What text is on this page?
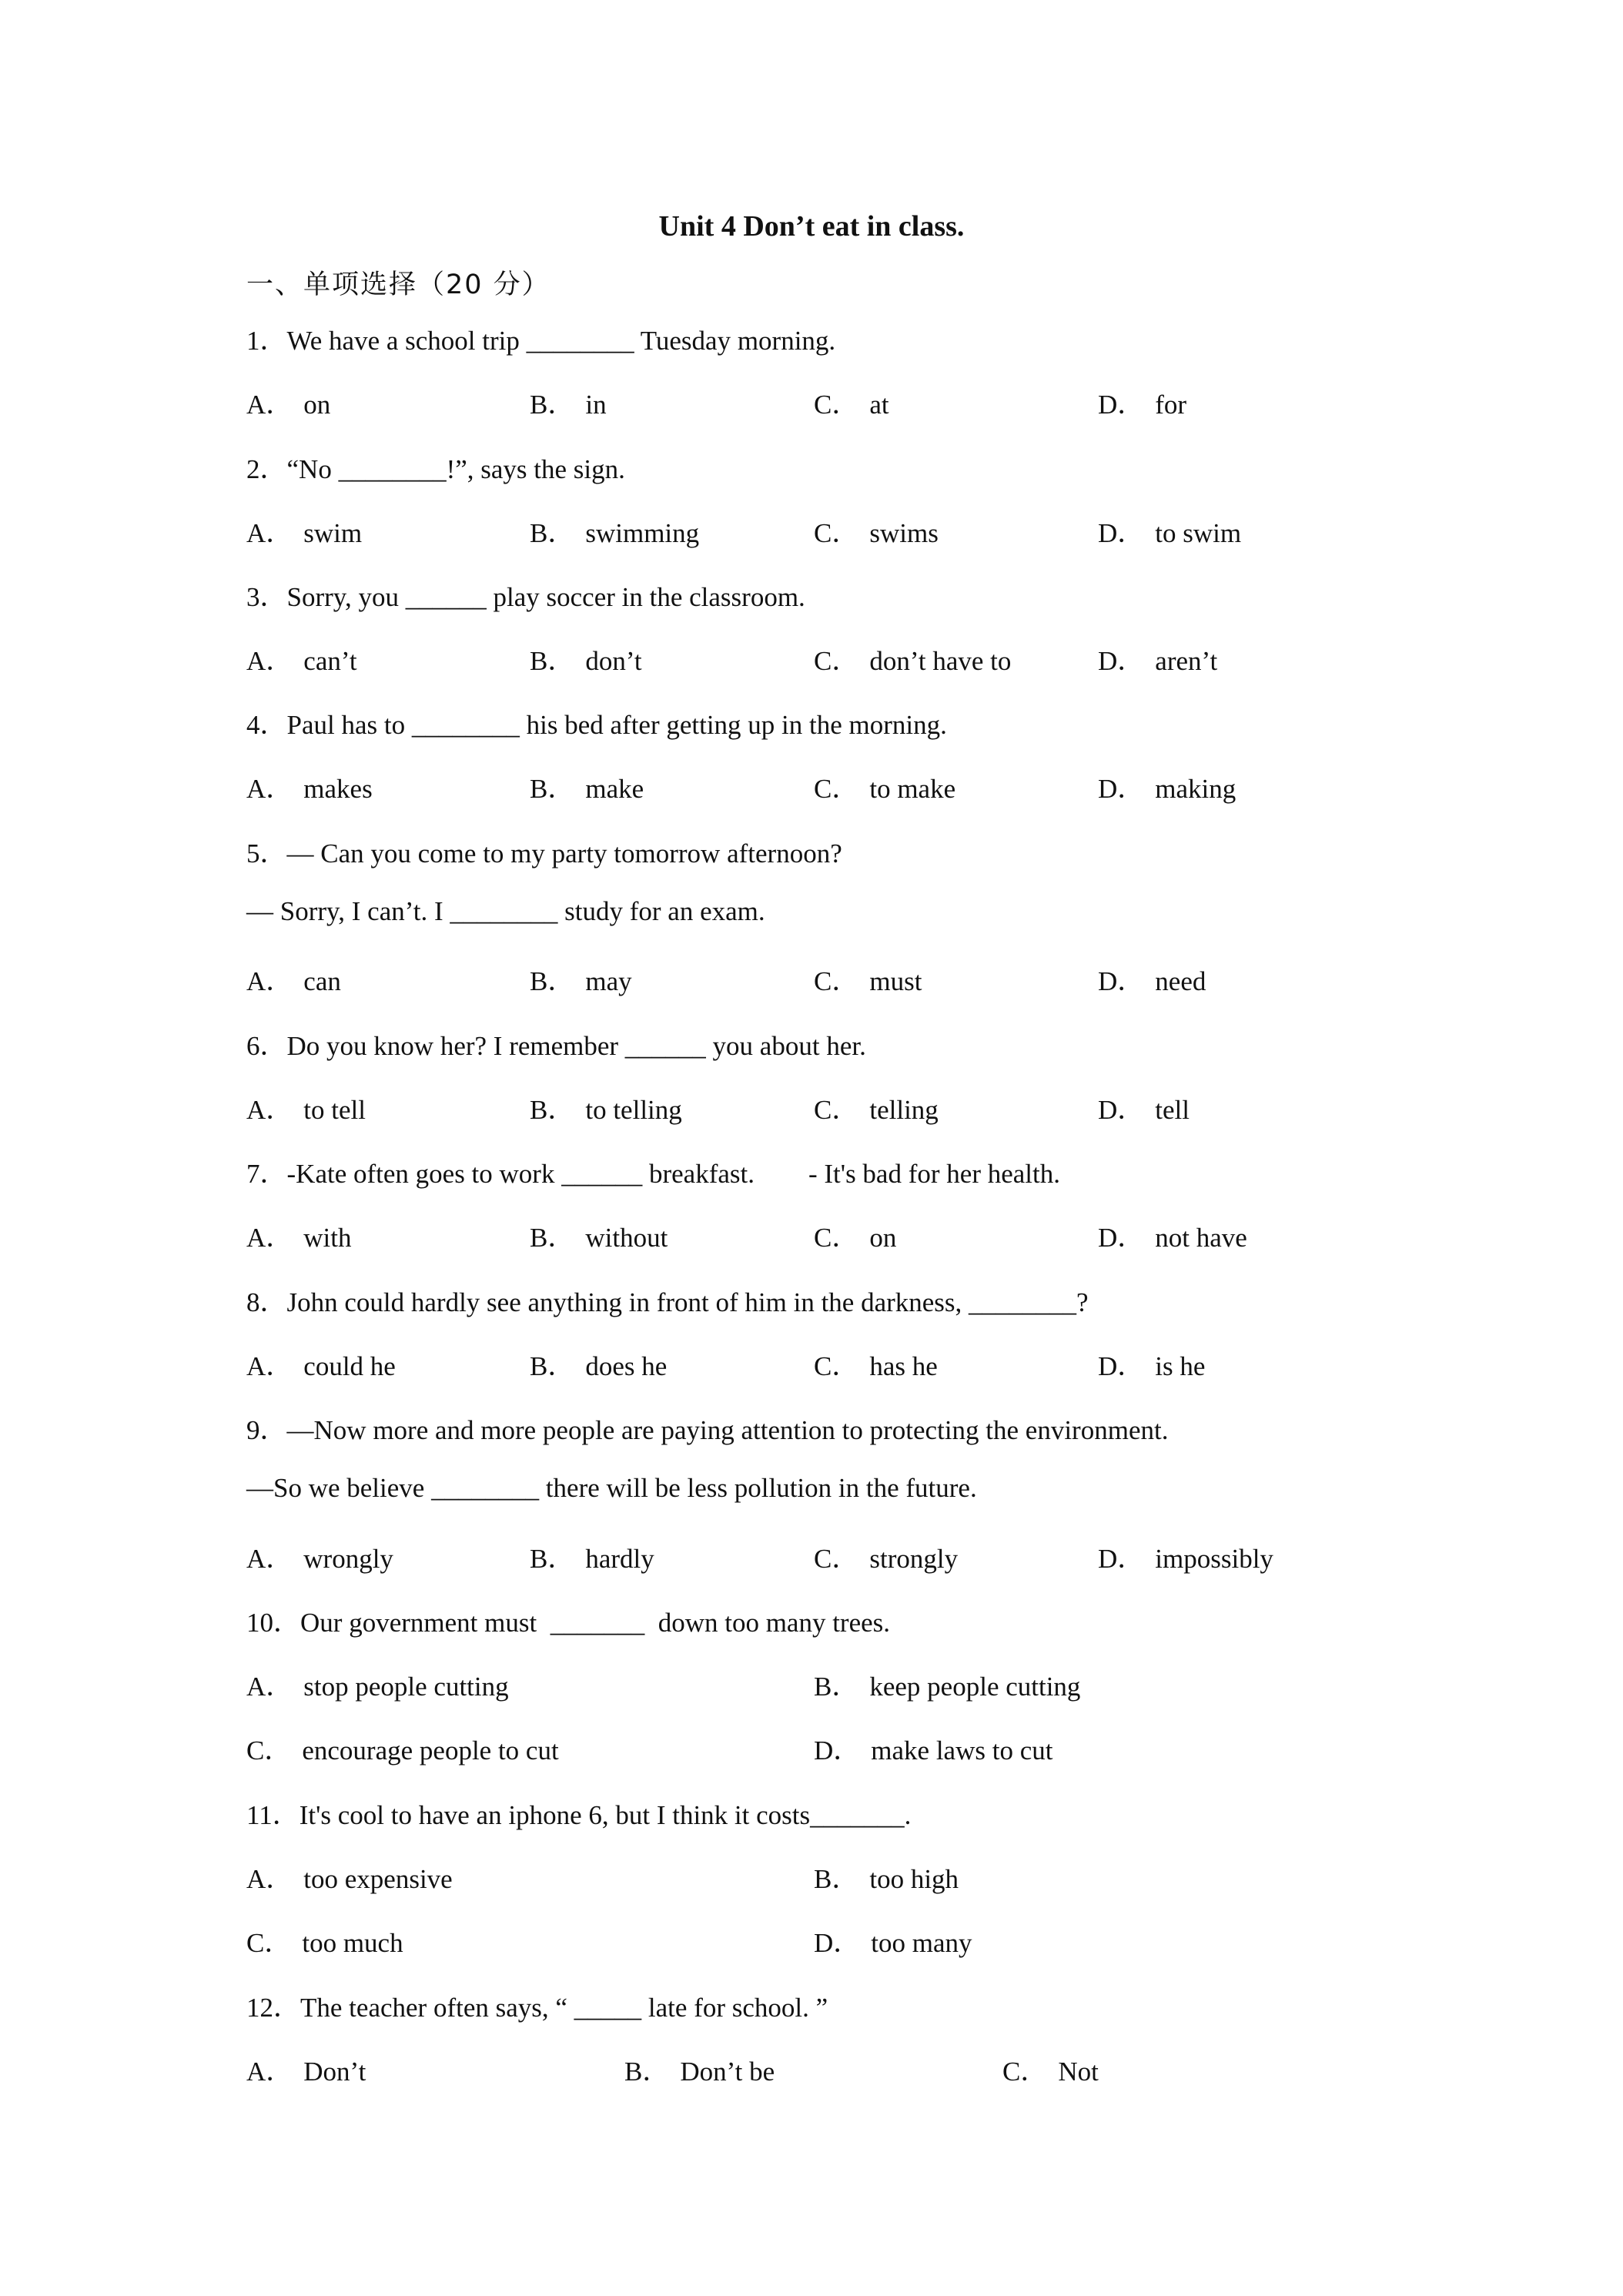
Unit 4 Don’t eat in class.
一、单项选择（20 分）
1．We have a school trip ________ Tuesday morning.
A． on	B． in	C． at	D． for
2．“No ________!”, says the sign.
A． swim	B． swimming	C． swims	D． to swim
3．Sorry, you ______ play soccer in the classroom.
A． can’t	B． don’t	C． don’t have to	D． aren’t
4．Paul has to ________ his bed after getting up in the morning.
A． makes	B． make	C． to make	D． making
5．— Can you come to my party tomorrow afternoon?
— Sorry, I can’t. I ________ study for an exam.
A． can	B． may	C． must	D． need
6．Do you know her? I remember ______ you about her.
A． to tell	B． to telling	C． telling	D． tell
7．-Kate often goes to work ______ breakfast.        - It's bad for her health.
A． with	B． without	C． on	D． not have
8．John could hardly see anything in front of him in the darkness, ________?
A． could he	B． does he	C． has he	D． is he
9．—Now more and more people are paying attention to protecting the environment.
—So we believe ________ there will be less pollution in the future.
A． wrongly	B． hardly	C． strongly	D． impossibly
10．Our government must  _______  down too many trees.
A． stop people cutting	B． keep people cutting
C． encourage people to cut	D． make laws to cut
11．It's cool to have an iphone 6, but I think it costs_______.
A． too expensive	B． too high
C． too much	D． too many
12．The teacher often says, “ _____ late for school. ”
A． Don’t	B． Don’t be	C． Not
